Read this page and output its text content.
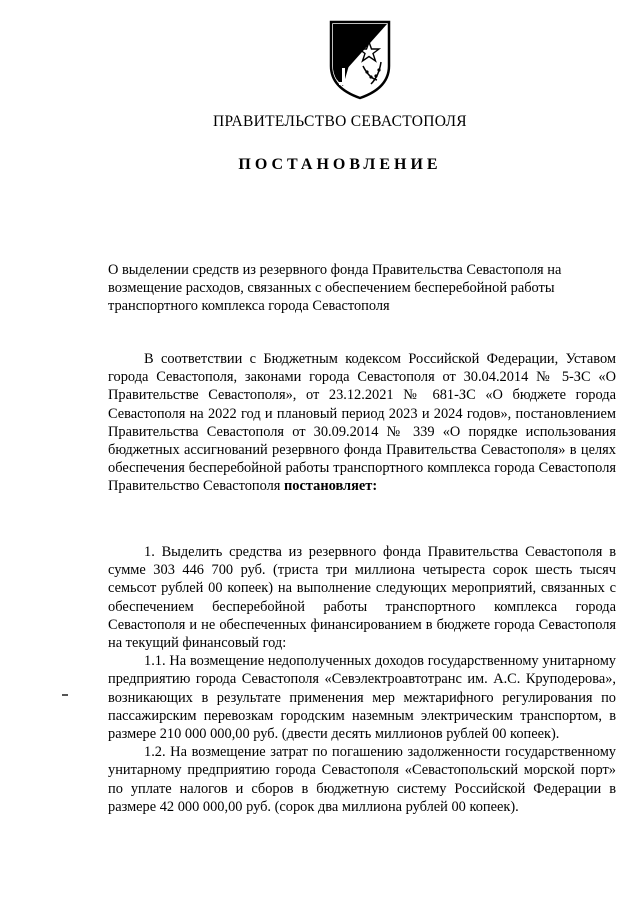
ПРАВИТЕЛЬСТВО СЕВАСТОПОЛЯ
ПОСТАНОВЛЕНИЕ

О выделении средств из резервного фонда Правительства Севастополя на возмещение расходов, связанных с обеспечением бесперебойной работы транспортного комплекса города Севастополя

В соответствии с Бюджетным кодексом Российской Федерации, Уставом города Севастополя, законами города Севастополя от 30.04.2014 № 5-ЗС «О Правительстве Севастополя», от 23.12.2021 № 681-ЗС «О бюджете города Севастополя на 2022 год и плановый период 2023 и 2024 годов», постановлением Правительства Севастополя от 30.09.2014 № 339 «О порядке использования бюджетных ассигнований резервного фонда Правительства Севастополя» в целях обеспечения бесперебойной работы транспортного комплекса города Севастополя Правительство Севастополя постановляет:

1. Выделить средства из резервного фонда Правительства Севастополя в сумме 303 446 700 руб. (триста три миллиона четыреста сорок шесть тысяч семьсот рублей 00 копеек) на выполнение следующих мероприятий, связанных с обеспечением бесперебойной работы транспортного комплекса города Севастополя и не обеспеченных финансированием в бюджете города Севастополя на текущий финансовый год:

1.1. На возмещение недополученных доходов государственному унитарному предприятию города Севастополя «Севэлектроавтотранс им. А.С. Круподерова», возникающих в результате применения мер межтарифного регулирования по пассажирским перевозкам городским наземным электрическим транспортом, в размере 210 000 000,00 руб. (двести десять миллионов рублей 00 копеек).

1.2. На возмещение затрат по погашению задолженности государственному унитарному предприятию города Севастополя «Севастопольский морской порт» по уплате налогов и сборов в бюджетную систему Российской Федерации в размере 42 000 000,00 руб. (сорок два миллиона рублей 00 копеек).
